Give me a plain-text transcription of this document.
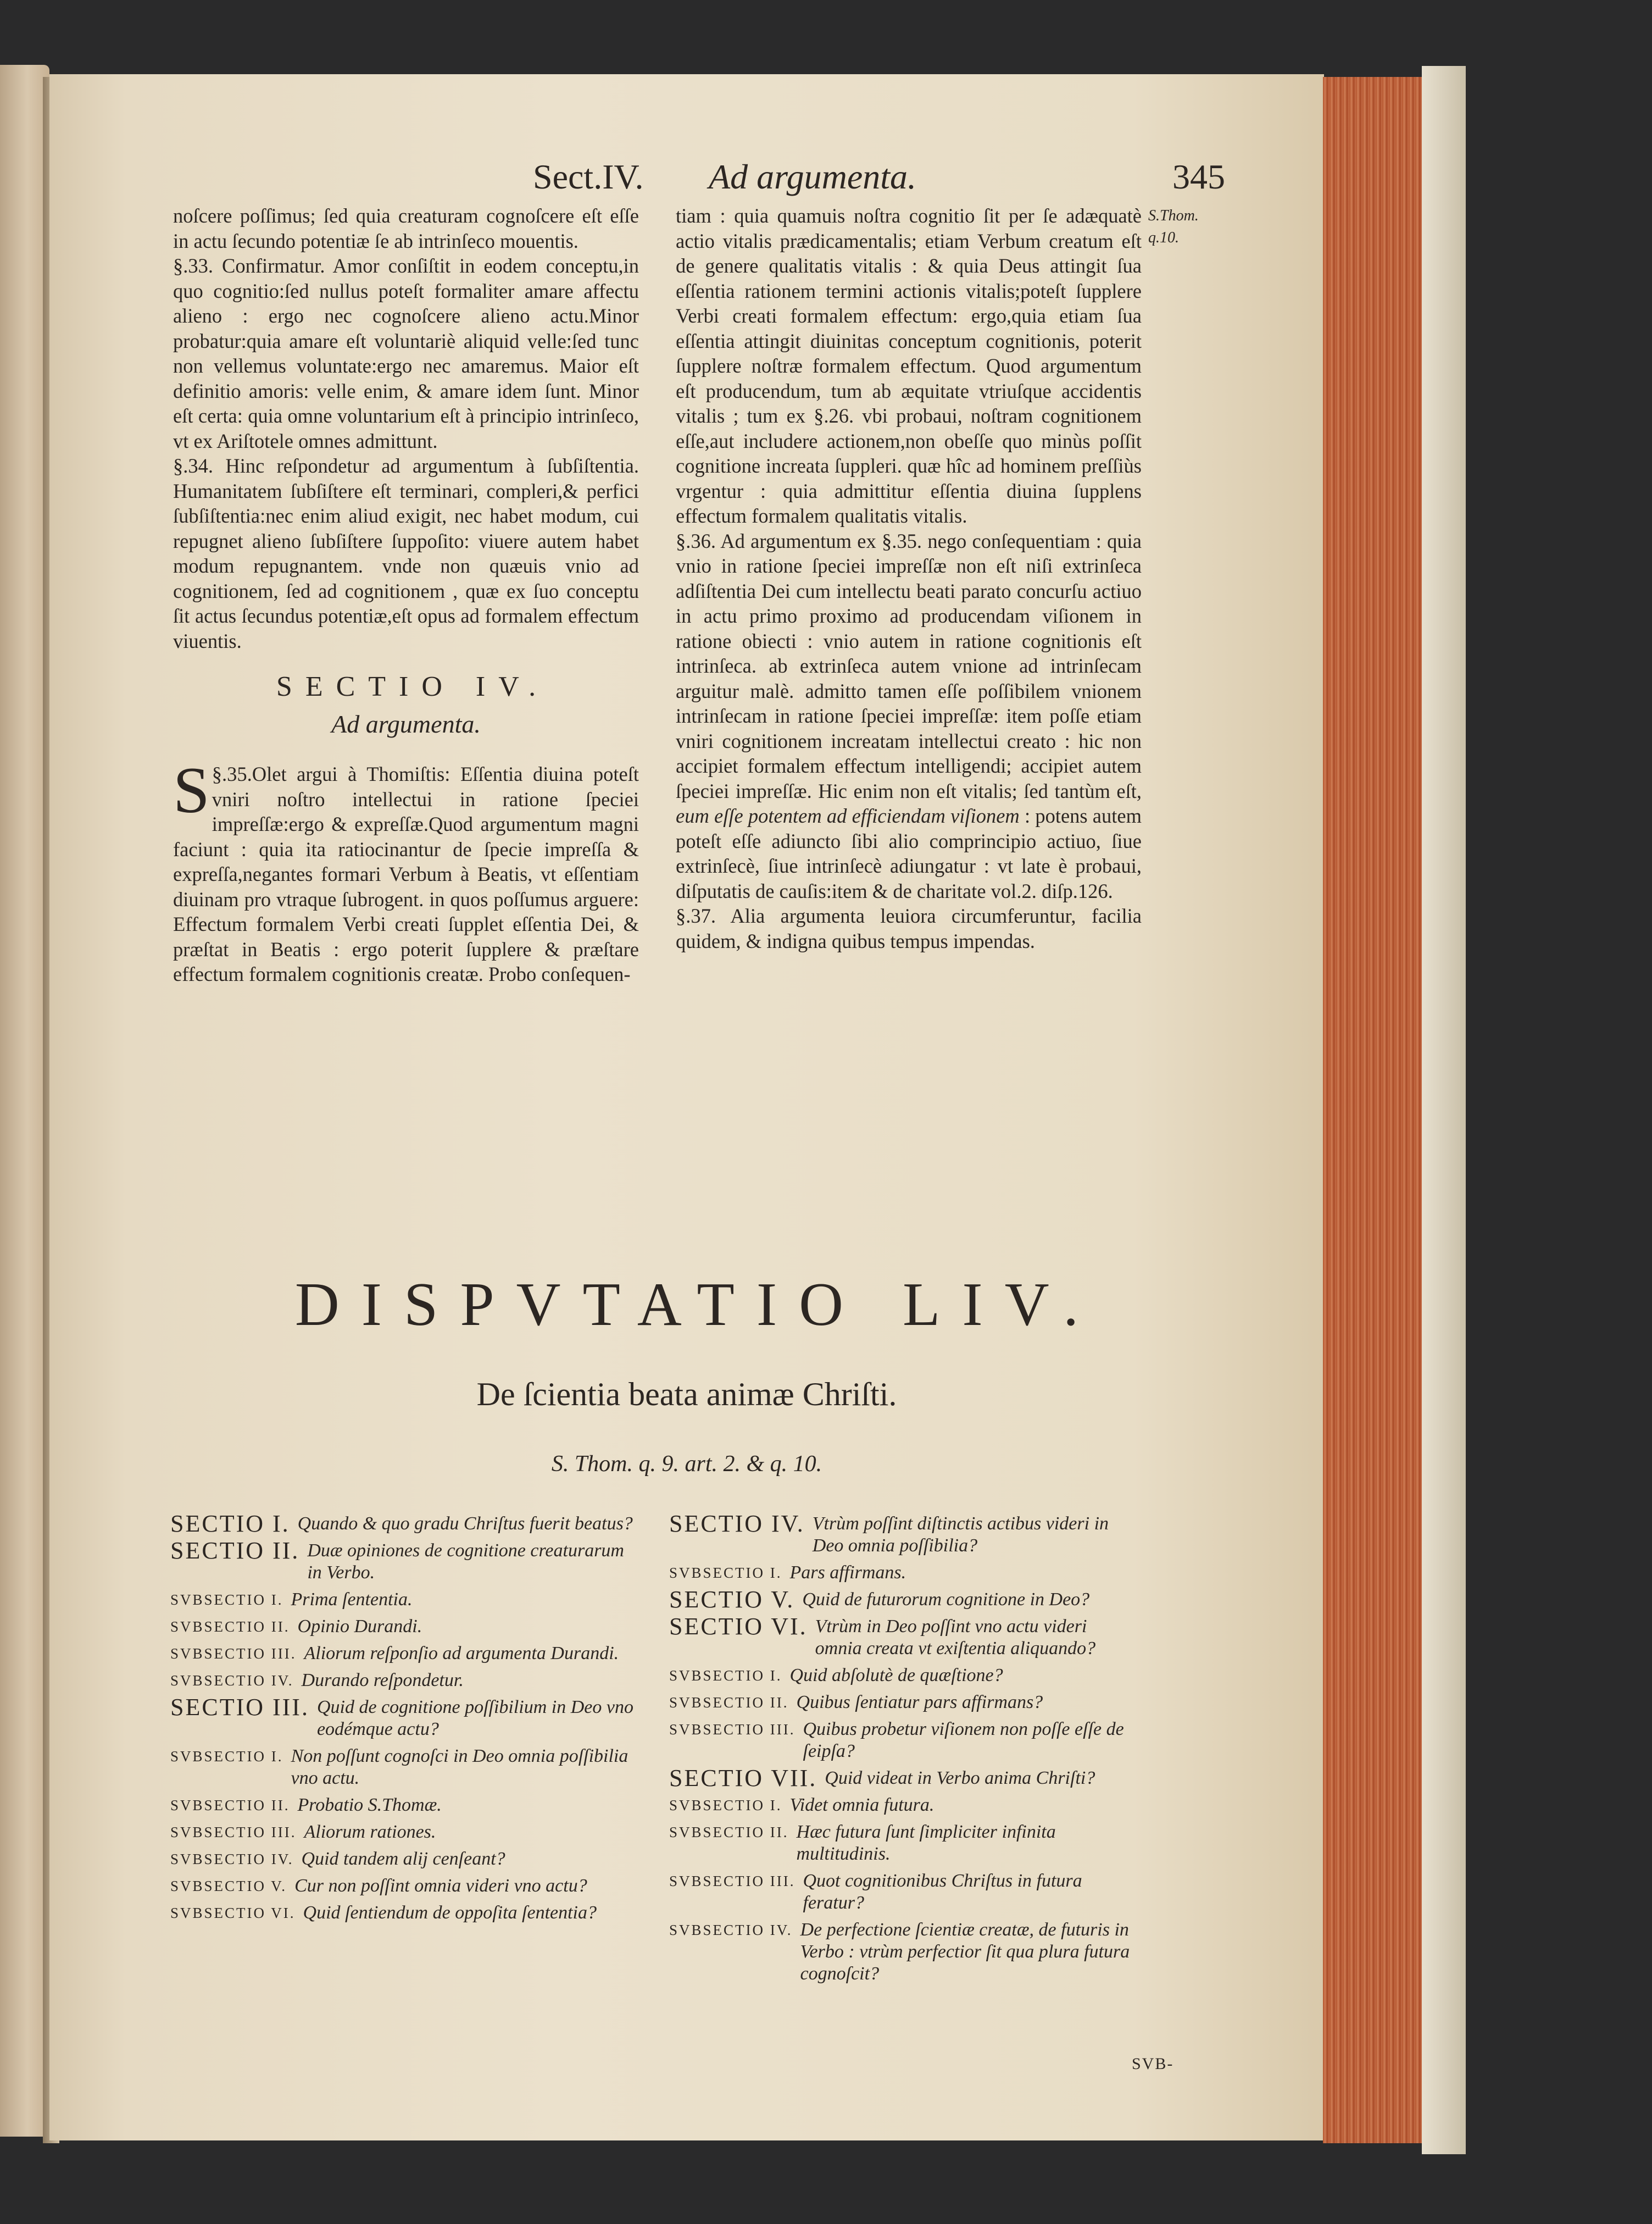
Sect.IV. Ad argumenta.	345

noſcere poſſimus; ſed quia creaturam cognoſcere eſt eſſe in actu ſecundo potentiæ ſe ab intrinſeco mouentis.

§.33. Confirmatur. Amor conſiſtit in eodem conceptu,in quo cognitio:ſed nullus poteſt formaliter amare affectu alieno : ergo nec cognoſcere alieno actu.Minor probatur:quia amare eſt voluntariè aliquid velle:ſed tunc non vellemus voluntate:ergo nec amaremus. Maior eſt definitio amoris: velle enim, & amare idem ſunt. Minor eſt certa: quia omne voluntarium eſt à principio intrinſeco, vt ex Ariſtotele omnes admittunt.

§.34. Hinc reſpondetur ad argumentum à ſubſiſtentia. Humanitatem ſubſiſtere eſt terminari, compleri,& perfici ſubſiſtentia:nec enim aliud exigit, nec habet modum, cui repugnet alieno ſubſiſtere ſuppoſito: viuere autem habet modum repugnantem. vnde non quæuis vnio ad cognitionem, ſed ad cognitionem , quæ ex ſuo conceptu ſit actus ſecundus potentiæ,eſt opus ad formalem effectum viuentis.

SECTIO IV.
Ad argumenta.

§.35.
S Olet argui à Thomiſtis: Eſſentia diuina poteſt vniri noſtro intellectui in ratione ſpeciei impreſſæ:ergo & expreſſæ.Quod argumentum magni faciunt : quia ita ratiocinantur de ſpecie impreſſa & expreſſa,negantes formari Verbum à Beatis, vt eſſentiam diuinam pro vtraque ſubrogent. in quos poſſumus arguere: Effectum formalem Verbi creati ſupplet eſſentia Dei, & præſtat in Beatis : ergo poterit ſupplere & præſtare effectum formalem cognitionis creatæ. Probo conſequen-

S.Thom.
q.10.

tiam : quia quamuis noſtra cognitio ſit per ſe adæquatè actio vitalis prædicamentalis; etiam Verbum creatum eſt de genere qualitatis vitalis : & quia Deus attingit ſua eſſentia rationem termini actionis vitalis;poteſt ſupplere Verbi creati formalem effectum: ergo,quia etiam ſua eſſentia attingit diuinitas conceptum cognitionis, poterit ſupplere noſtræ formalem effectum. Quod argumentum eſt producendum, tum ab æquitate vtriuſque accidentis vitalis ; tum ex §.26. vbi probaui, noſtram cognitionem eſſe,aut includere actionem,non obeſſe quo minùs poſſit cognitione increata ſuppleri. quæ hîc ad hominem preſſiùs vrgentur : quia admittitur eſſentia diuina ſupplens effectum formalem qualitatis vitalis.

§.36. Ad argumentum ex §.35. nego conſequentiam : quia vnio in ratione ſpeciei impreſſæ non eſt niſi extrinſeca adſiſtentia Dei cum intellectu beati parato concurſu actiuo in actu primo proximo ad producendam viſionem in ratione obiecti : vnio autem in ratione cognitionis eſt intrinſeca. ab extrinſeca autem vnione ad intrinſecam arguitur malè. admitto tamen eſſe poſſibilem vnionem intrinſecam in ratione ſpeciei impreſſæ: item poſſe etiam vniri cognitionem increatam intellectui creato : hic non accipiet formalem effectum intelligendi; accipiet autem ſpeciei impreſſæ. Hic enim non eſt vitalis; ſed tantùm eſt, eum eſſe potentem ad efficiendam viſionem : potens autem poteſt eſſe adiuncto ſibi alio comprincipio actiuo, ſiue extrinſecè, ſiue intrinſecè adiungatur : vt late è probaui, diſputatis de cauſis:item & de charitate vol.2. diſp.126.

§.37. Alia argumenta leuiora circumferuntur, facilia quidem, & indigna quibus tempus impendas.

DISPVTATIO LIV.
De ſcientia beata animæ Chriſti.
S. Thom. q. 9. art. 2. & q. 10.
SECTIO I. Quando & quo gradu Chriſtus fuerit beatus?
SECTIO II. Duæ opiniones de cognitione creaturarum in Verbo.
SVBSECTIO I. Prima ſententia.
SVBSECTIO II. Opinio Durandi.
SVBSECTIO III. Aliorum reſponſio ad argumenta Durandi.
SVBSECTIO IV. Durando reſpondetur.
SECTIO III. Quid de cognitione poſſibilium in Deo vno eodémque actu?
SVBSECTIO I. Non poſſunt cognoſci in Deo omnia poſſibilia vno actu.
SVBSECTIO II. Probatio S.Thomæ.
SVBSECTIO III. Aliorum rationes.
SVBSECTIO IV. Quid tandem alij cenſeant?
SVBSECTIO V. Cur non poſſint omnia videri vno actu?
SVBSECTIO VI. Quid ſentiendum de oppoſita ſententia?
SECTIO IV. Vtrùm poſſint diſtinctis actibus videri in Deo omnia poſſibilia?
SVBSECTIO I. Pars affirmans.
SECTIO V. Quid de futurorum cognitione in Deo?
SECTIO VI. Vtrùm in Deo poſſint vno actu videri omnia creata vt exiſtentia aliquando?
SVBSECTIO I. Quid abſolutè de quæſtione?
SVBSECTIO II. Quibus ſentiatur pars affirmans?
SVBSECTIO III. Quibus probetur viſionem non poſſe eſſe de ſeipſa?
SECTIO VII. Quid videat in Verbo anima Chriſti?
SVBSECTIO I. Videt omnia futura.
SVBSECTIO II. Hæc futura ſunt ſimpliciter infinita multitudinis.
SVBSECTIO III. Quot cognitionibus Chriſtus in futura feratur?
SVBSECTIO IV. De perfectione ſcientiæ creatæ, de futuris in Verbo : vtrùm perfectior ſit qua plura futura cognoſcit?
SVB-
